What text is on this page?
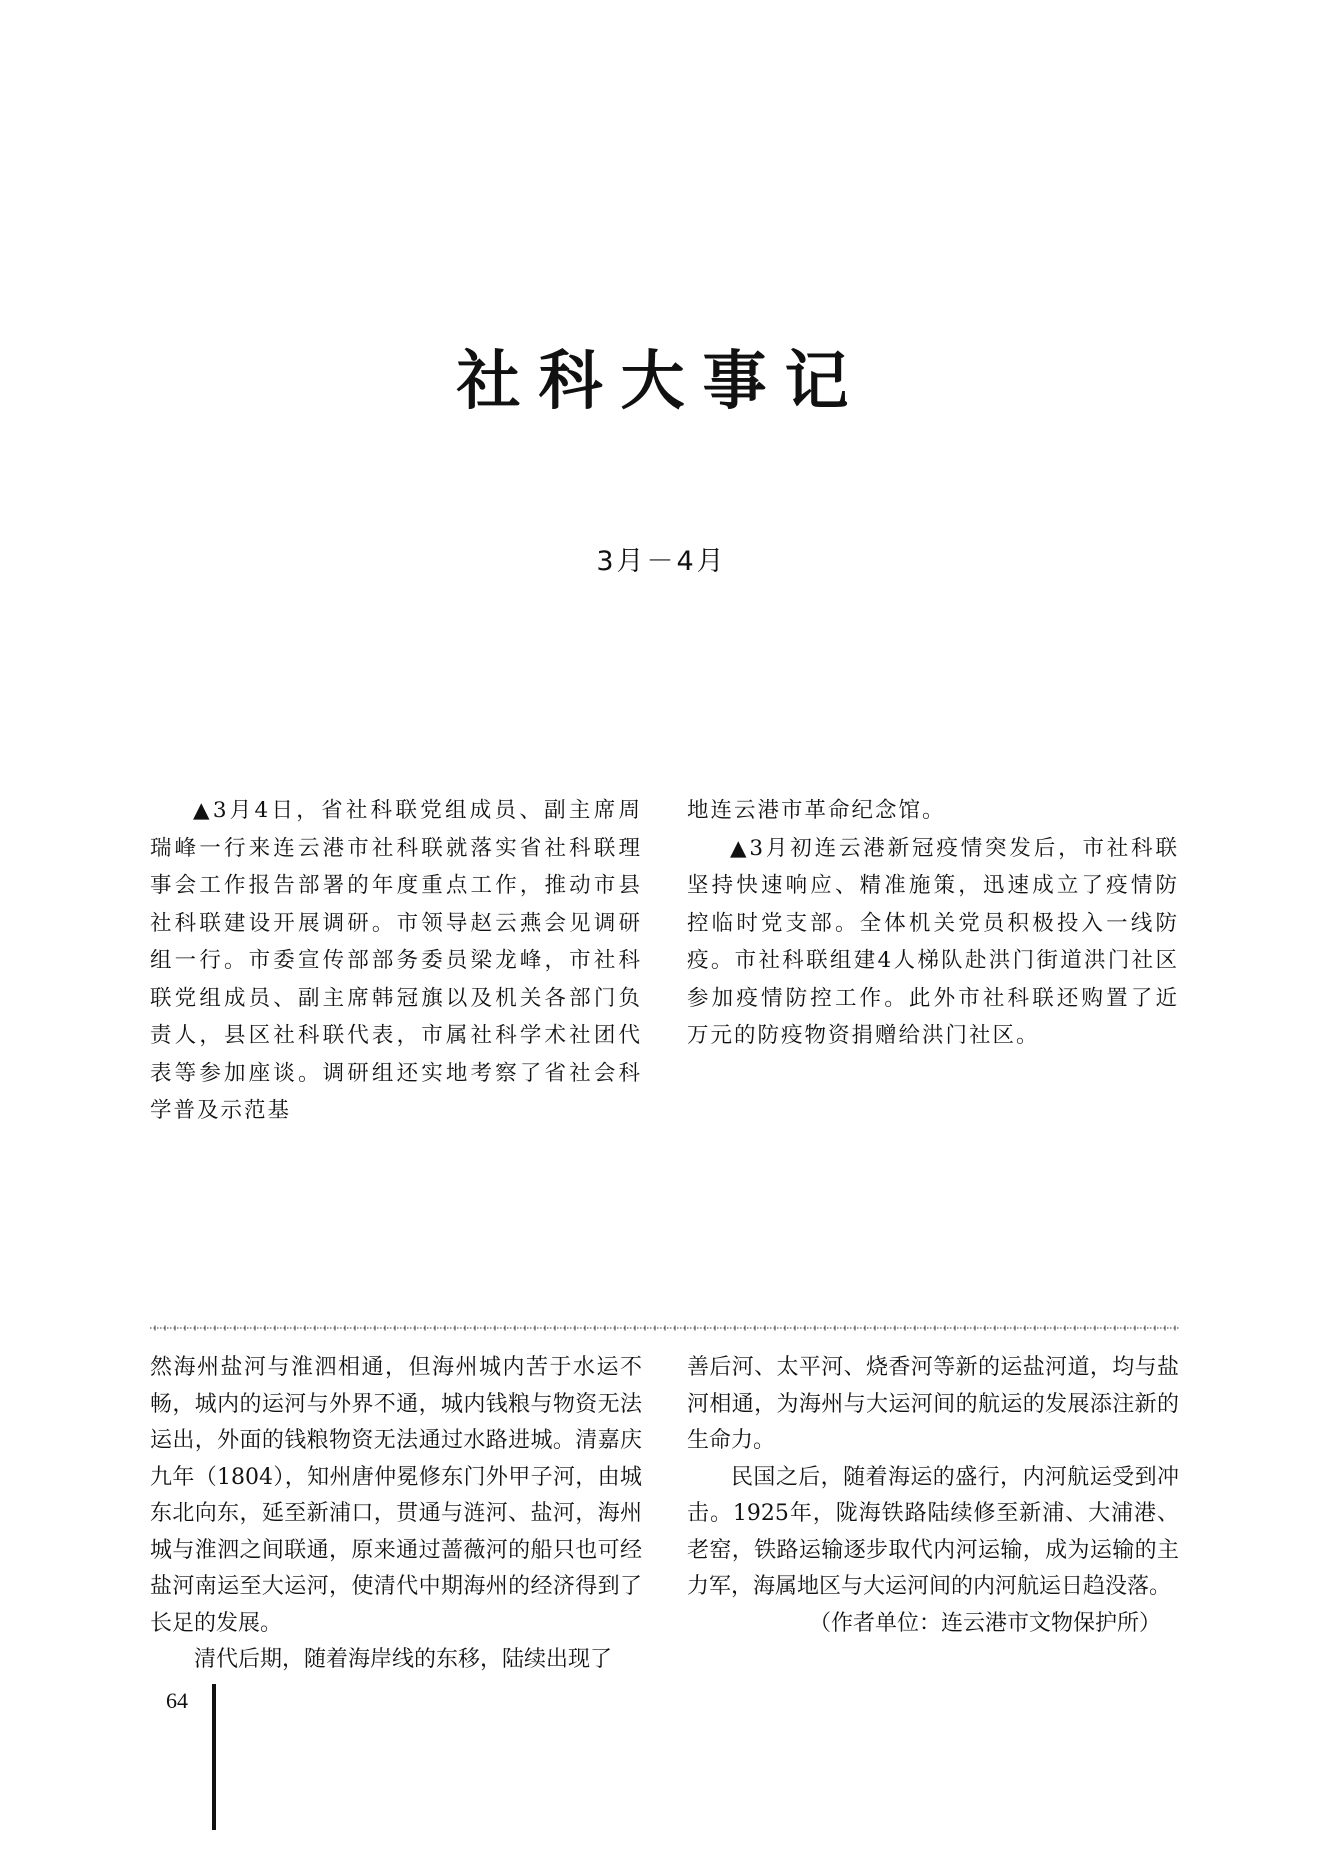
社科大事记
3月－4月

▲3月4日，省社科联党组成员、副主席周瑞峰一行来连云港市社科联就落实省社科联理事会工作报告部署的年度重点工作，推动市县社科联建设开展调研。市领导赵云燕会见调研组一行。市委宣传部部务委员梁龙峰，市社科联党组成员、副主席韩冠旗以及机关各部门负责人，县区社科联代表，市属社科学术社团代表等参加座谈。调研组还实地考察了省社会科学普及示范基

地连云港市革命纪念馆。

▲3月初连云港新冠疫情突发后，市社科联坚持快速响应、精准施策，迅速成立了疫情防控临时党支部。全体机关党员积极投入一线防疫。市社科联组建4人梯队赴洪门街道洪门社区参加疫情防控工作。此外市社科联还购置了近万元的防疫物资捐赠给洪门社区。

然海州盐河与淮泗相通，但海州城内苦于水运不畅，城内的运河与外界不通，城内钱粮与物资无法运出，外面的钱粮物资无法通过水路进城。清嘉庆九年（1804），知州唐仲冕修东门外甲子河，由城东北向东，延至新浦口，贯通与涟河、盐河，海州城与淮泗之间联通，原来通过蔷薇河的船只也可经盐河南运至大运河，使清代中期海州的经济得到了长足的发展。

清代后期，随着海岸线的东移，陆续出现了

善后河、太平河、烧香河等新的运盐河道，均与盐河相通，为海州与大运河间的航运的发展添注新的生命力。

民国之后，随着海运的盛行，内河航运受到冲击。1925年，陇海铁路陆续修至新浦、大浦港、老窑，铁路运输逐步取代内河运输，成为运输的主力军，海属地区与大运河间的内河航运日趋没落。

（作者单位：连云港市文物保护所）

64
